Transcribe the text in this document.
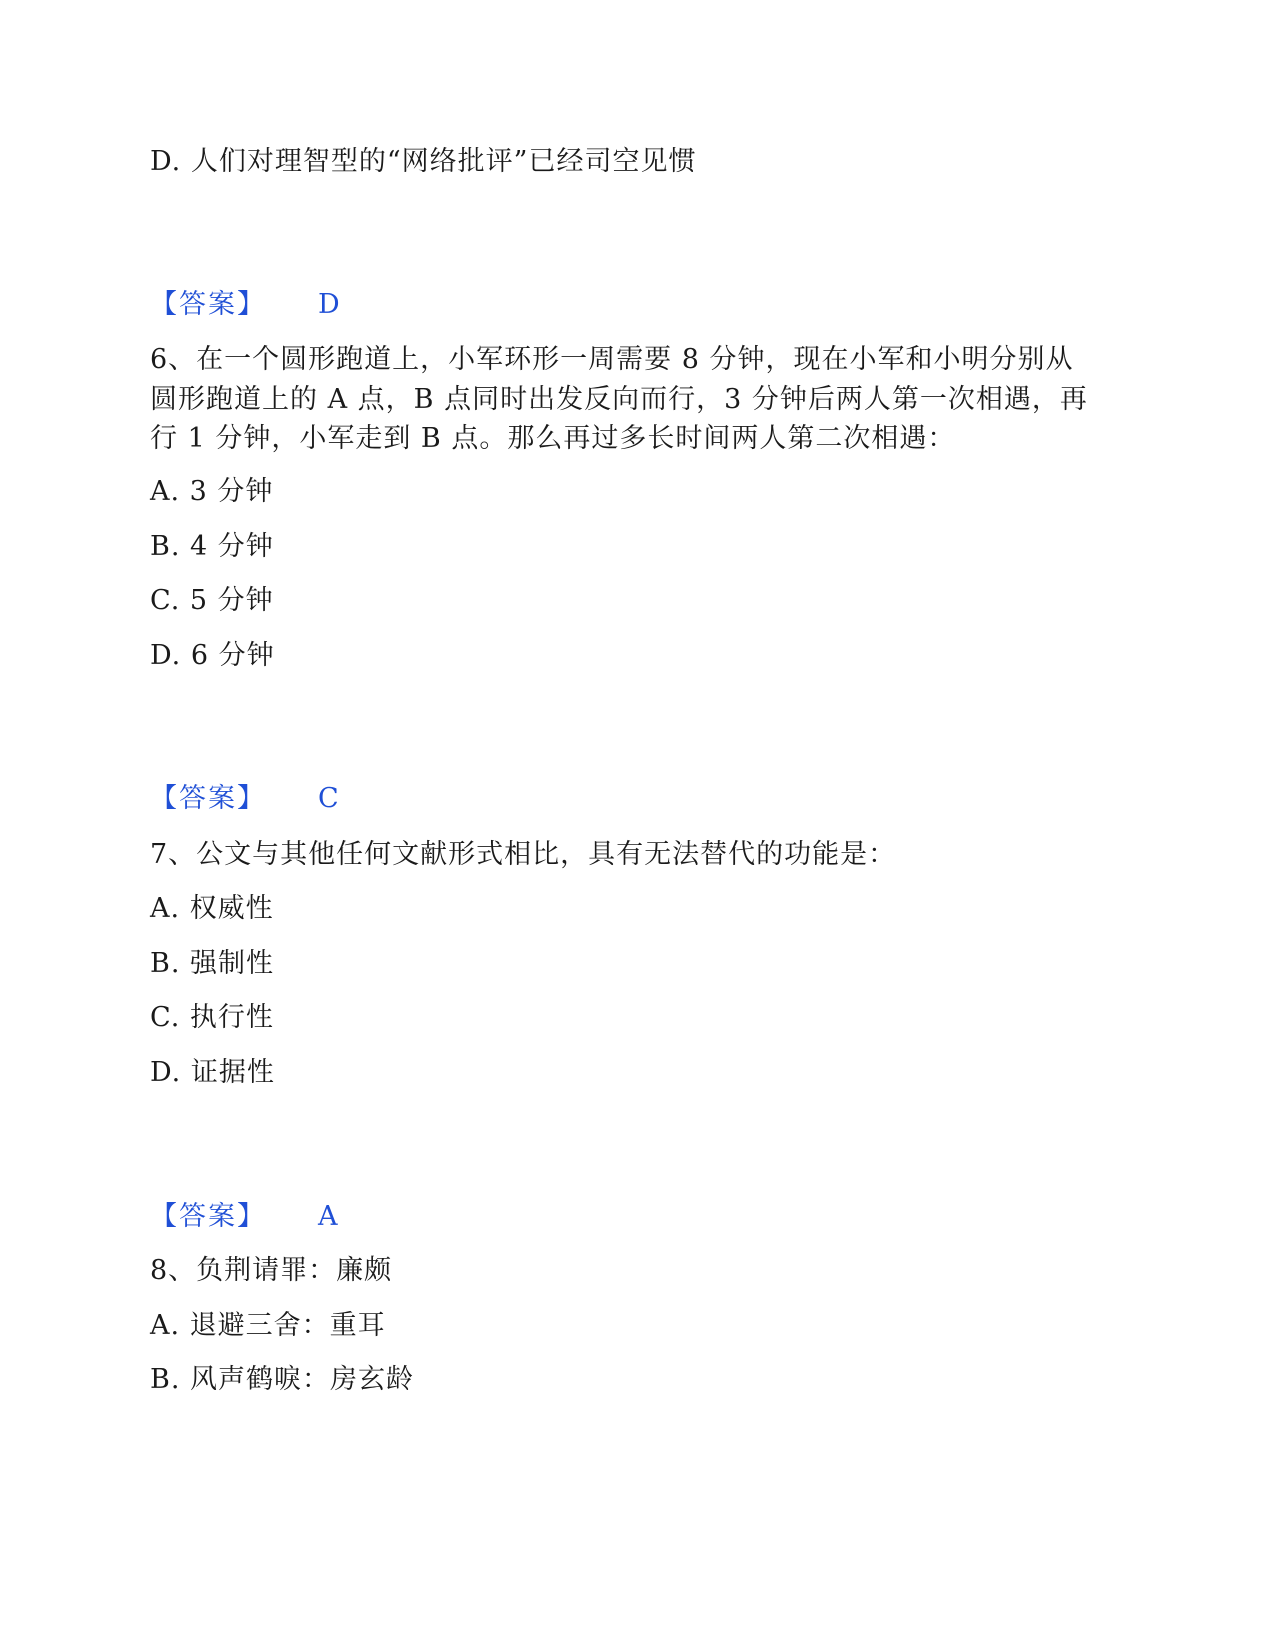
D. 人们对理智型的“网络批评”已经司空见惯
【答案】 D
6、在一个圆形跑道上，小军环形一周需要 8 分钟，现在小军和小明分别从
圆形跑道上的 A 点，B 点同时出发反向而行，3 分钟后两人第一次相遇，再
行 1 分钟，小军走到 B 点。那么再过多长时间两人第二次相遇：
A. 3 分钟
B. 4 分钟
C. 5 分钟
D. 6 分钟
【答案】 C
7、公文与其他任何文献形式相比，具有无法替代的功能是：
A. 权威性
B. 强制性
C. 执行性
D. 证据性
【答案】 A
8、负荆请罪：廉颇
A. 退避三舍：重耳
B. 风声鹤唳：房玄龄
